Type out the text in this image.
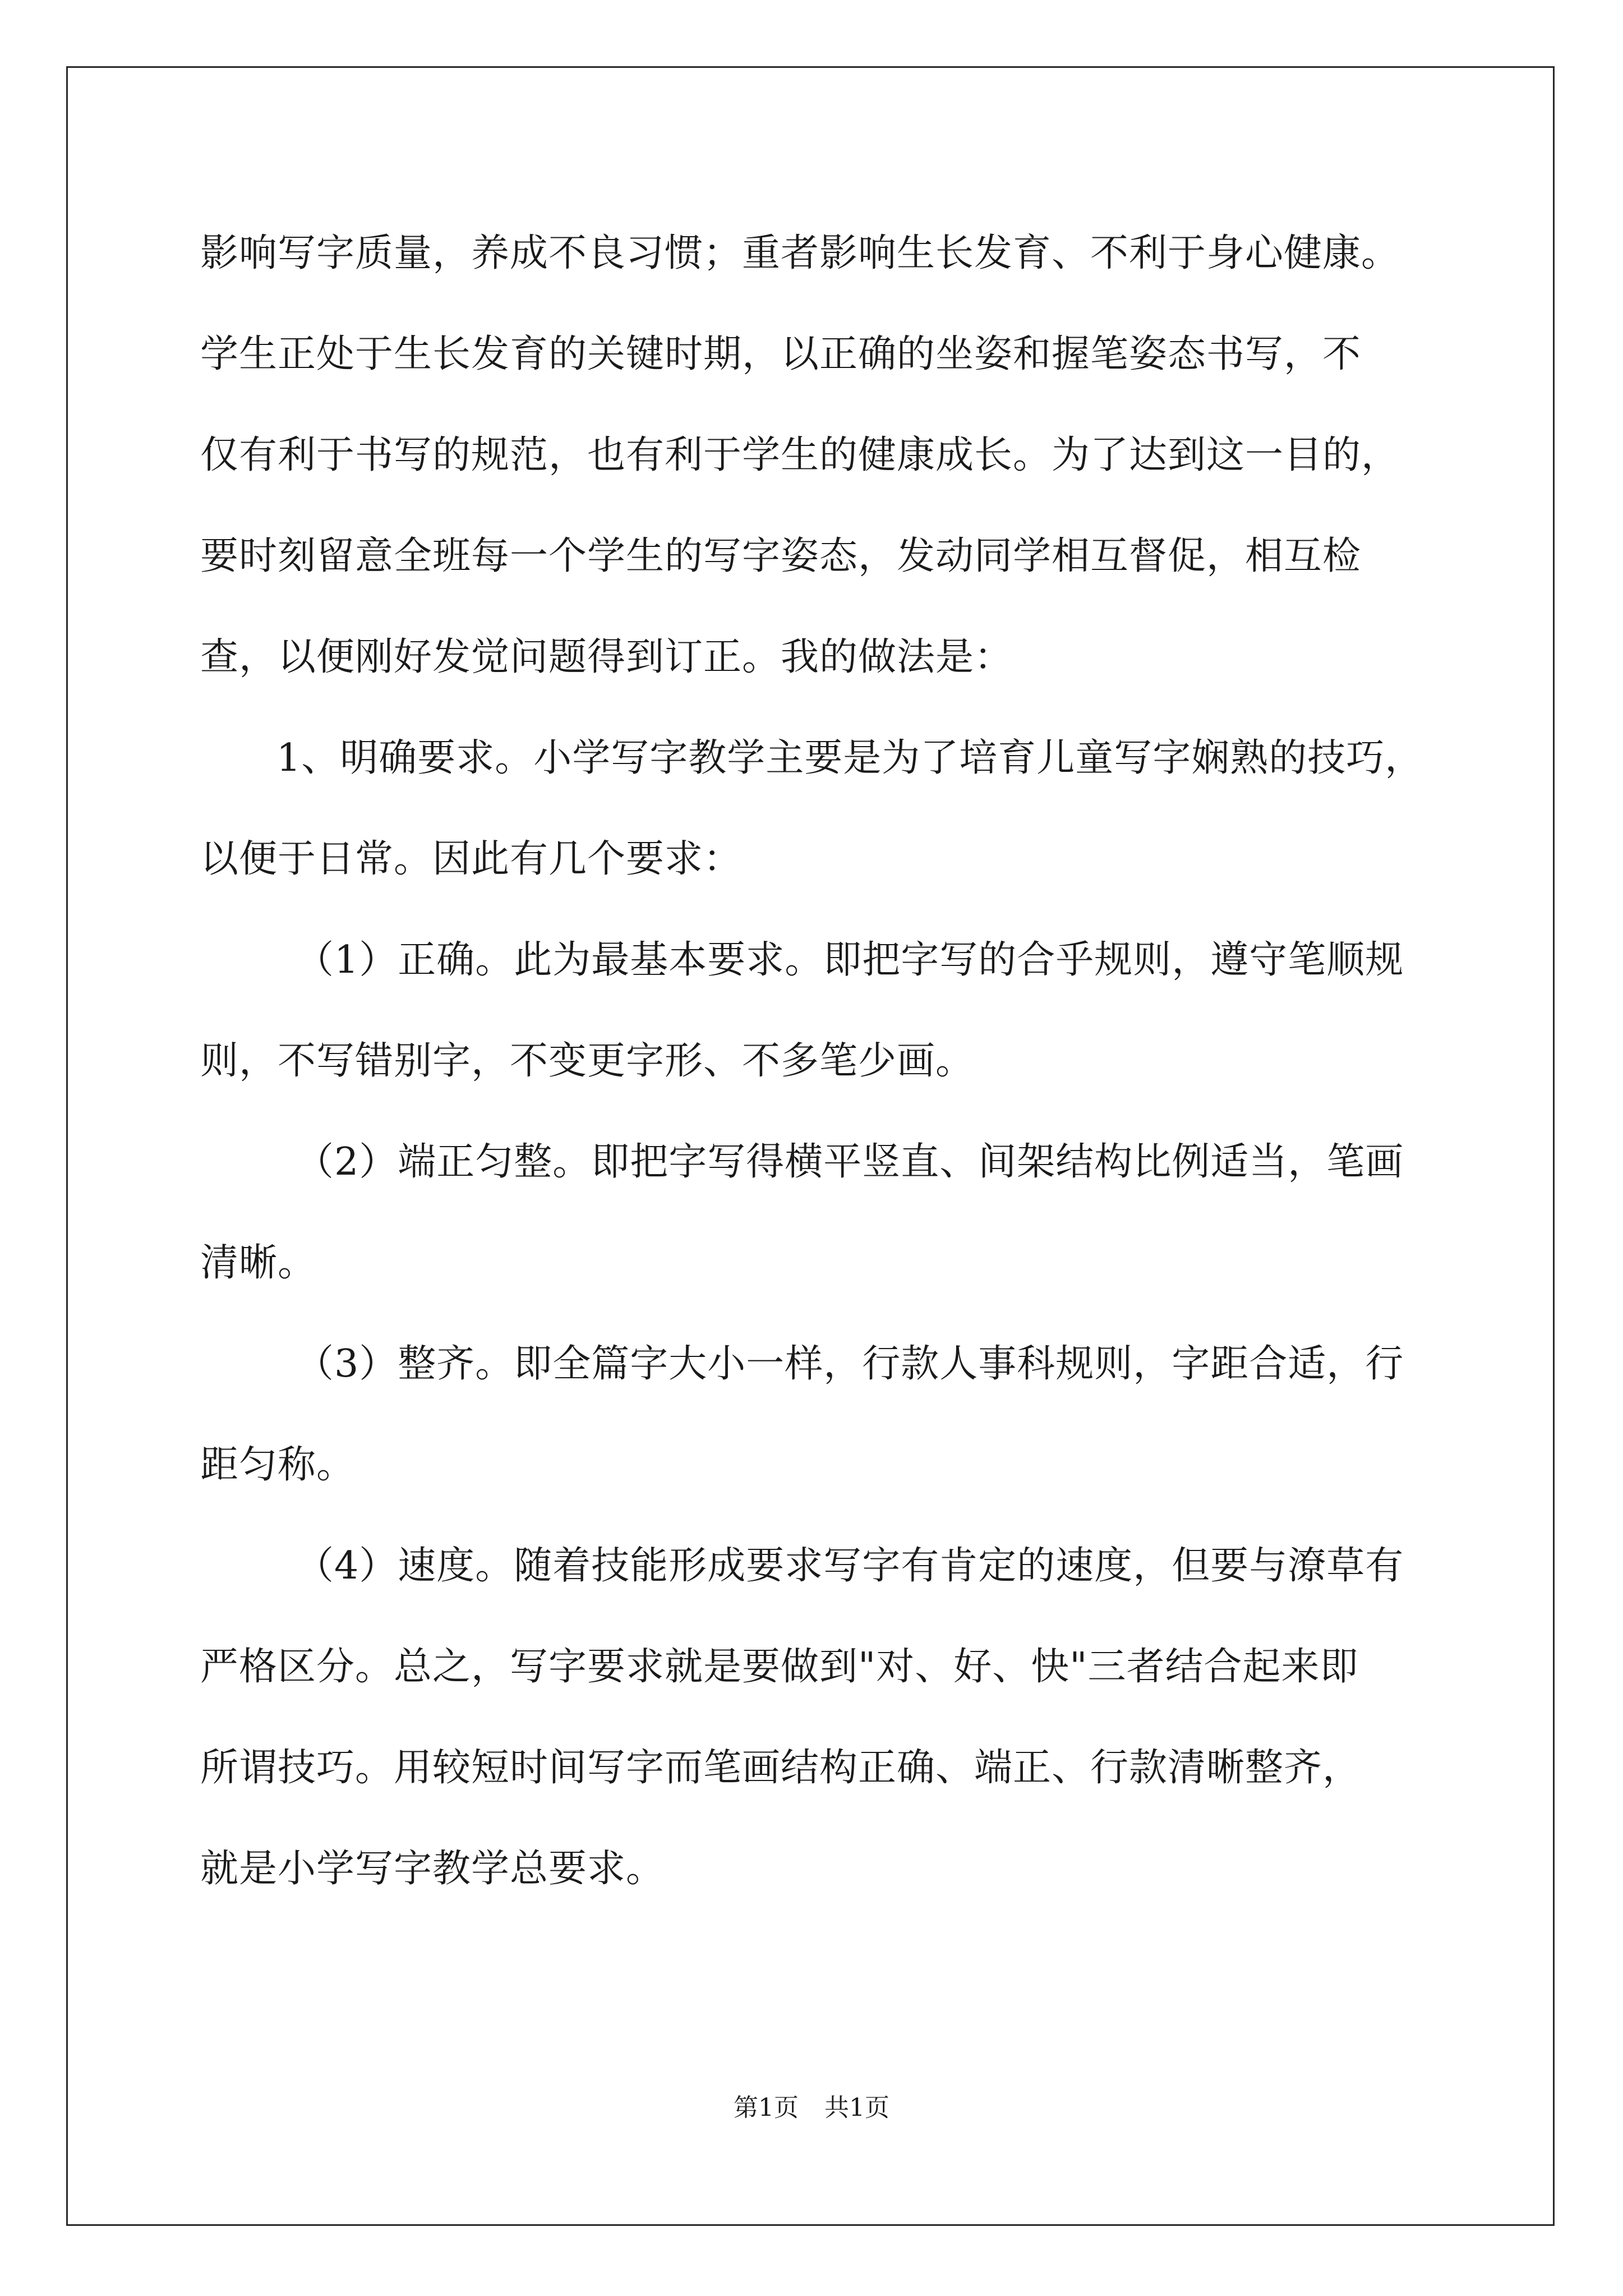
影响写字质量，养成不良习惯；重者影响生长发育、不利于身心健康。
学生正处于生长发育的关键时期，以正确的坐姿和握笔姿态书写，不
仅有利于书写的规范，也有利于学生的健康成长。为了达到这一目的，
要时刻留意全班每一个学生的写字姿态，发动同学相互督促，相互检
查，以便刚好发觉问题得到订正。我的做法是：
1、明确要求。小学写字教学主要是为了培育儿童写字娴熟的技巧，
以便于日常。因此有几个要求：
（1）正确。此为最基本要求。即把字写的合乎规则，遵守笔顺规
则，不写错别字，不变更字形、不多笔少画。
（2）端正匀整。即把字写得横平竖直、间架结构比例适当，笔画
清晰。
（3）整齐。即全篇字大小一样，行款人事科规则，字距合适，行
距匀称。
（4）速度。随着技能形成要求写字有肯定的速度，但要与潦草有
严格区分。总之，写字要求就是要做到"对、好、快"三者结合起来即
所谓技巧。用较短时间写字而笔画结构正确、端正、行款清晰整齐，
就是小学写字教学总要求。
第1页 共1页
